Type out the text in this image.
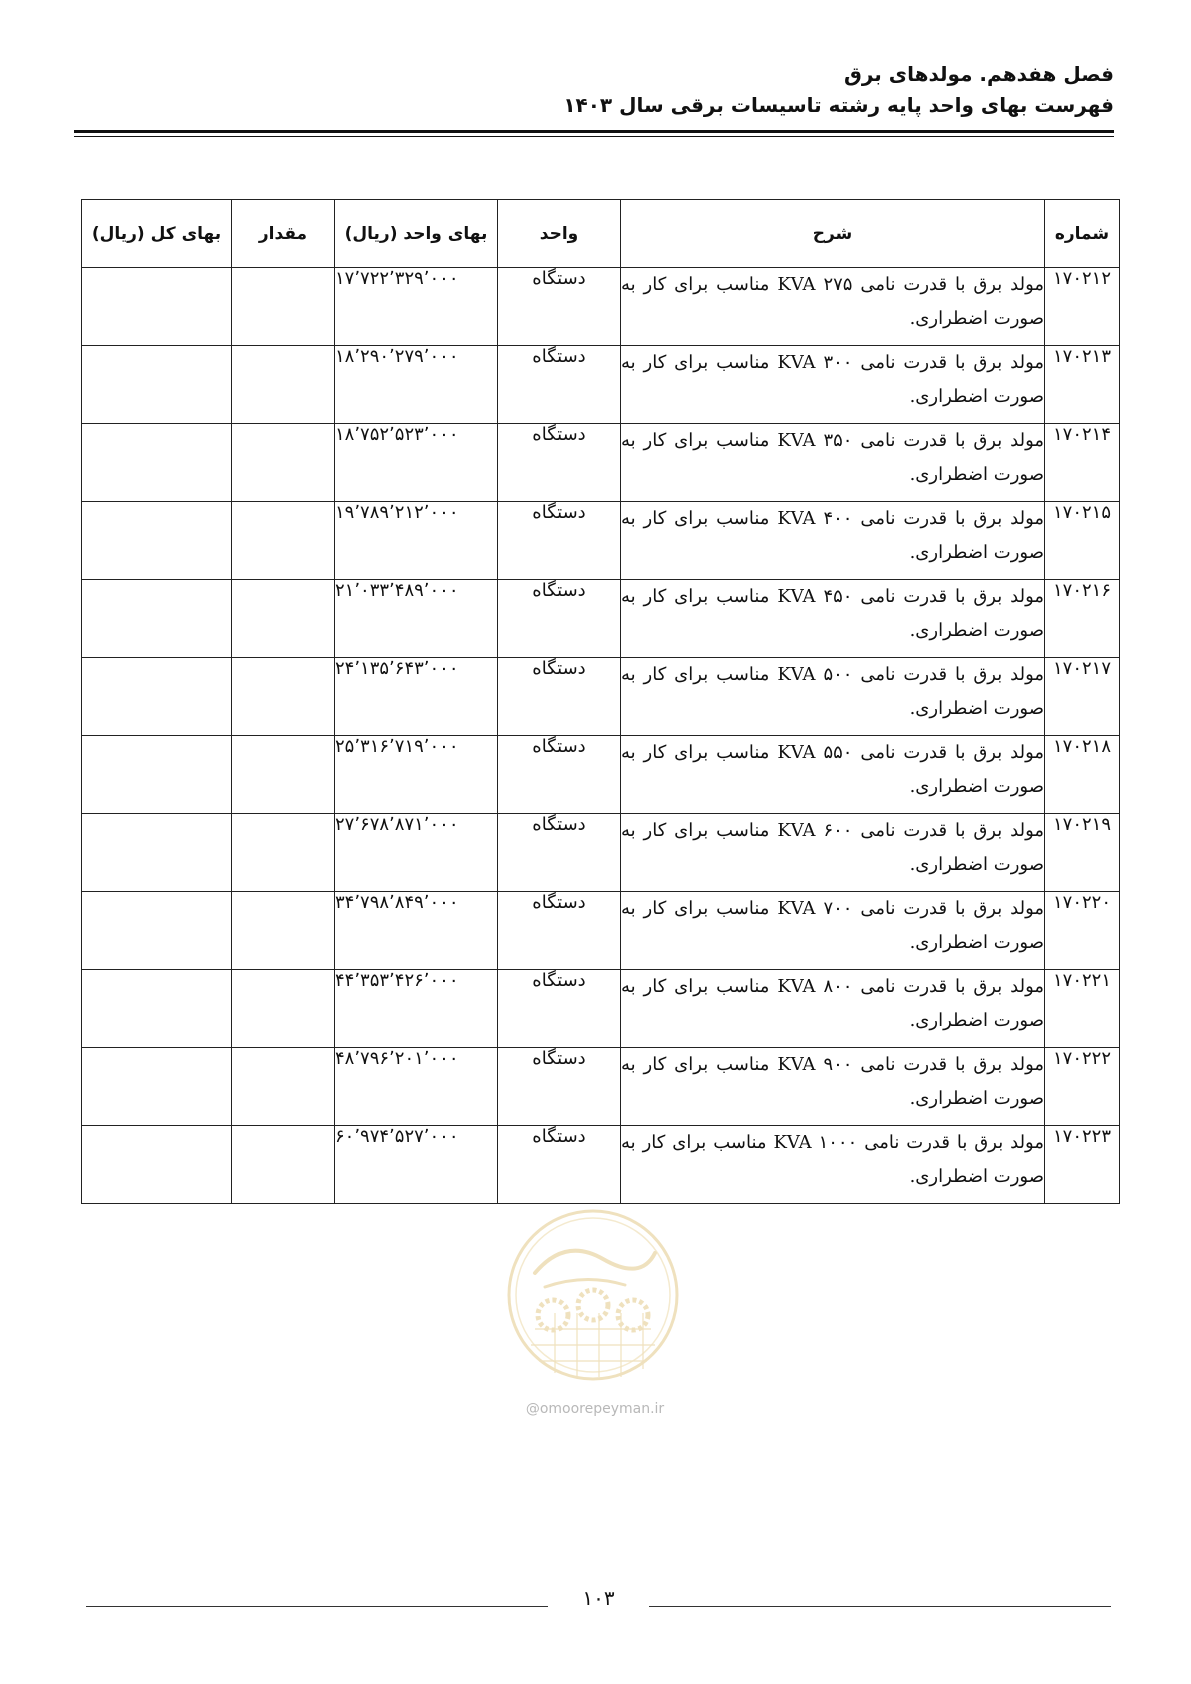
فصل هفدهم. مولدهای برق
فهرست بهای واحد پایه رشته تاسیسات برقی سال ۱۴۰۳
شماره	شرح	واحد	بهای واحد (ریال)	مقدار	بهای کل (ریال)
۱۷۰۲۱۲	مولد برق با قدرت نامی KVA ۲۷۵ مناسب برای کار به صورت اضطراری.	دستگاه	۱۷٬۷۲۲٬۳۲۹٬۰۰۰		
۱۷۰۲۱۳	مولد برق با قدرت نامی KVA ۳۰۰ مناسب برای کار به صورت اضطراری.	دستگاه	۱۸٬۲۹۰٬۲۷۹٬۰۰۰		
۱۷۰۲۱۴	مولد برق با قدرت نامی KVA ۳۵۰ مناسب برای کار به صورت اضطراری.	دستگاه	۱۸٬۷۵۲٬۵۲۳٬۰۰۰		
۱۷۰۲۱۵	مولد برق با قدرت نامی KVA ۴۰۰ مناسب برای کار به صورت اضطراری.	دستگاه	۱۹٬۷۸۹٬۲۱۲٬۰۰۰		
۱۷۰۲۱۶	مولد برق با قدرت نامی KVA ۴۵۰ مناسب برای کار به صورت اضطراری.	دستگاه	۲۱٬۰۳۳٬۴۸۹٬۰۰۰		
۱۷۰۲۱۷	مولد برق با قدرت نامی KVA ۵۰۰ مناسب برای کار به صورت اضطراری.	دستگاه	۲۴٬۱۳۵٬۶۴۳٬۰۰۰		
۱۷۰۲۱۸	مولد برق با قدرت نامی KVA ۵۵۰ مناسب برای کار به صورت اضطراری.	دستگاه	۲۵٬۳۱۶٬۷۱۹٬۰۰۰		
۱۷۰۲۱۹	مولد برق با قدرت نامی KVA ۶۰۰ مناسب برای کار به صورت اضطراری.	دستگاه	۲۷٬۶۷۸٬۸۷۱٬۰۰۰		
۱۷۰۲۲۰	مولد برق با قدرت نامی KVA ۷۰۰ مناسب برای کار به صورت اضطراری.	دستگاه	۳۴٬۷۹۸٬۸۴۹٬۰۰۰		
۱۷۰۲۲۱	مولد برق با قدرت نامی KVA ۸۰۰ مناسب برای کار به صورت اضطراری.	دستگاه	۴۴٬۳۵۳٬۴۲۶٬۰۰۰		
۱۷۰۲۲۲	مولد برق با قدرت نامی KVA ۹۰۰ مناسب برای کار به صورت اضطراری.	دستگاه	۴۸٬۷۹۶٬۲۰۱٬۰۰۰		
۱۷۰۲۲۳	مولد برق با قدرت نامی KVA ۱۰۰۰ مناسب برای کار به صورت اضطراری.	دستگاه	۶۰٬۹۷۴٬۵۲۷٬۰۰۰		
@omoorepeyman.ir
۱۰۳
